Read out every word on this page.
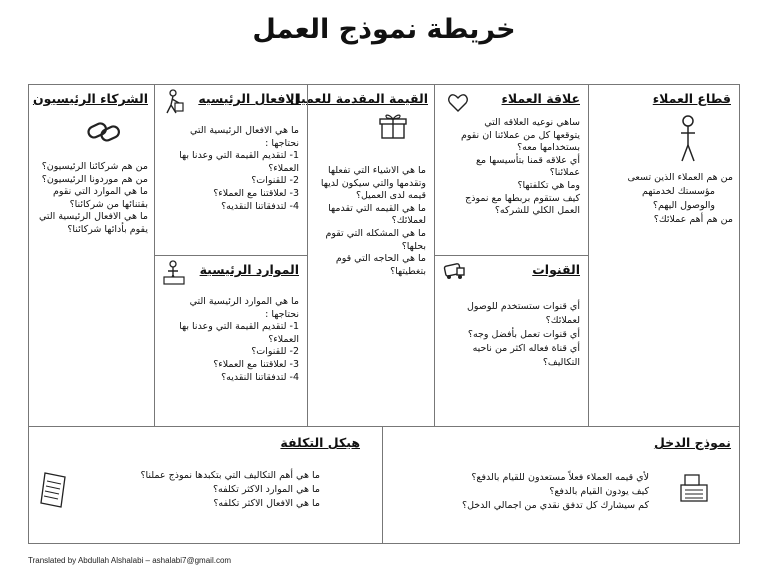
خريطة نموذج العمل
قطاع العملاء
من هم العملاء الذين تسعى
مؤسستك لخدمتهم
والوصول اليهم؟
من هم أهم عملائك؟
علاقة العملاء
ساهي نوعيه العلاقه التي
يتوقعها كل من عملائنا ان نقوم
بستخدامها معه؟
أي علاقه قمنا بتأسيسها مع
عملائنا؟
وما هي تكلفتها؟
كيف ستقوم بربطها مع نموذج
العمل الكلي للشركه؟
القنوات
أي قنوات ستستخدم للوصول
لعملائك؟
أي قنوات تعمل بأفضل وجه؟
أي قناة فعاله اكثر من ناحيه
التكاليف؟
القيمة المقدمة للعميل
ما هي الاشياء التي تفعلها
وتقدمها والتي سيكون لديها
قيمه لدى العميل؟
ما هي القيمه التي تقدمها
لعملائك؟
ما هي المشكله التي تقوم
بحلها؟
ما هي الحاجه التي قوم
بتغطيتها؟
الافعال الرئيسيه
ما هي الافعال الرئيسية التي
نحتاجها :
1- لتقديم القيمة التي وعدنا بها
العملاء؟
2- للقنوات؟
3- لعلاقتنا مع العملاء؟
4- لتدفقاتنا النقديه؟
الموارد الرئيسية
ما هي الموارد الرئيسية التي
نحتاجها :
1- لتقديم القيمة التي وعدنا بها
العملاء؟
2- للقنوات؟
3- لعلاقتنا مع العملاء؟
4- لتدفقاتنا النقديه؟
الشركاء الرئيسيون
من هم شركائنا الرئيسيون؟
من هم موردونا الرئيسيون؟
ما هي الموارد التي نقوم
بقتنائها من شركائنا؟
ما هي الافعال الرئيسية التي
يقوم بأدائها شركائنا؟
هيكل التكلفة
ما هي أهم التكاليف التي بتكبدها نموذج عملنا؟
ما هي الموارد الاكثر تكلفه؟
ما هي الافعال الاكثر تكلفه؟
نموذج الدخل
لأي قيمه العملاء فعلاً مستعدون للقيام بالدفع؟
كيف يودون القيام بالدفع؟
كم سيشارك كل تدفق نقدي من اجمالي الدخل؟
Translated by Abdullah Alshalabi – ashalabi7@gmail.com
